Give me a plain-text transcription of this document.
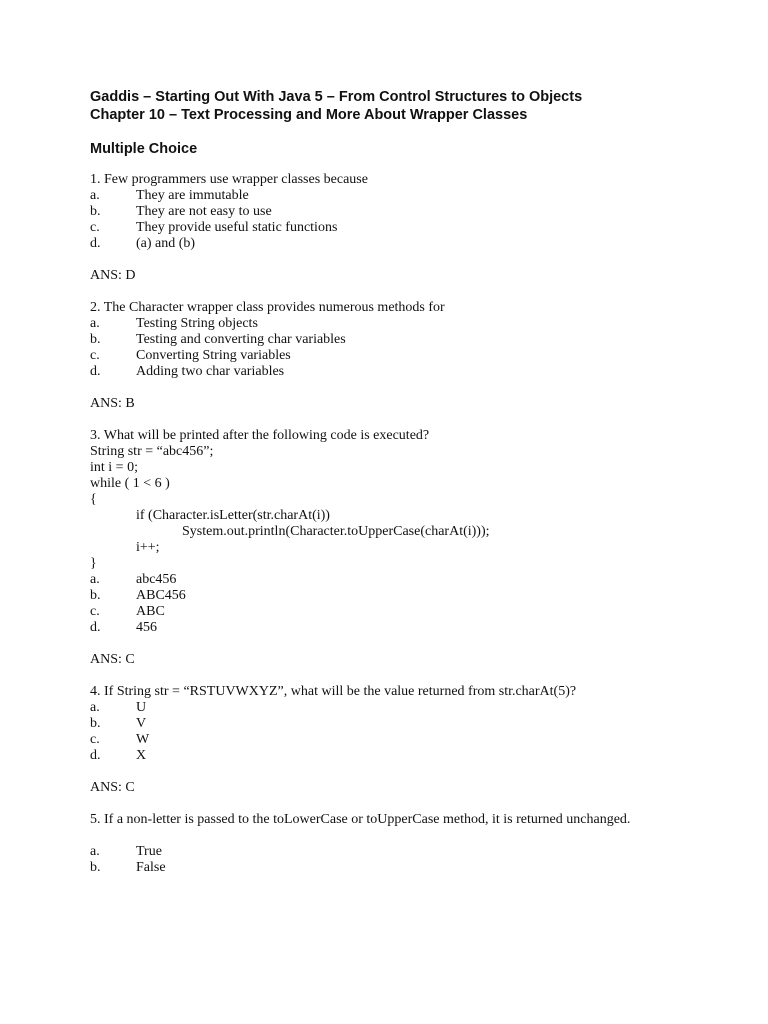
Gaddis – Starting Out With Java 5 – From Control Structures to Objects

Chapter 10 – Text Processing and More About Wrapper Classes

Multiple Choice

1. Few programmers use wrapper classes because

a.	They are immutable
b.	They are not easy to use
c.	They provide useful static functions
d.	(a) and (b)

ANS: D

2. The Character wrapper class provides numerous methods for

a.	Testing String objects
b.	Testing and converting char variables
c.	Converting String variables
d.	Adding two char variables

ANS: B

3. What will be printed after the following code is executed?

String str = “abc456”;

int i = 0;

while ( 1 < 6 )

{

if (Character.isLetter(str.charAt(i))

System.out.println(Character.toUpperCase(charAt(i)));

i++;

}

a.	abc456
b.	ABC456
c.	ABC
d.	456

ANS: C

4. If String str = “RSTUVWXYZ”, what will be the value returned from str.charAt(5)?

a.	U
b.	V
c.	W
d.	X

ANS: C

5. If a non-letter is passed to the toLowerCase or toUpperCase method, it is returned unchanged.

a.	True
b.	False
